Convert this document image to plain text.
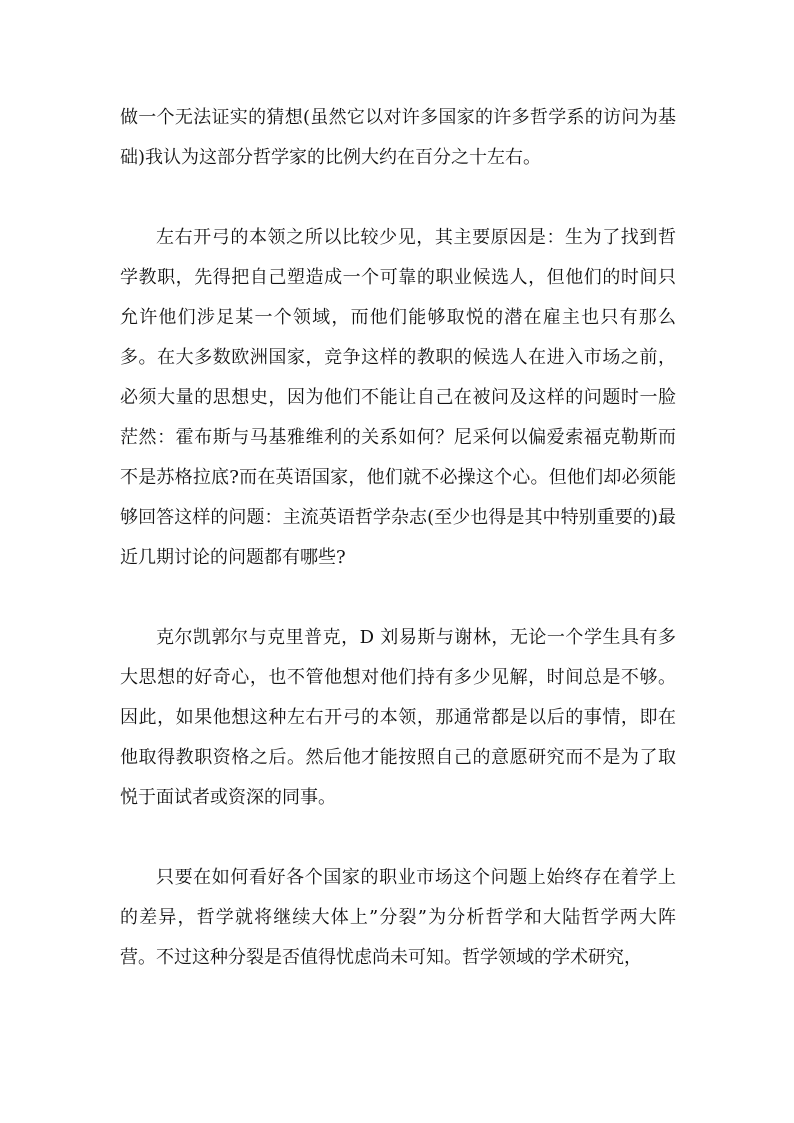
做一个无法证实的猜想(虽然它以对许多国家的许多哲学系的访问为基础)我认为这部分哲学家的比例大约在百分之十左右。

左右开弓的本领之所以比较少见，其主要原因是：生为了找到哲学教职，先得把自己塑造成一个可靠的职业候选人，但他们的时间只允许他们涉足某一个领域，而他们能够取悦的潜在雇主也只有那么多。在大多数欧洲国家，竞争这样的教职的候选人在进入市场之前，必须大量的思想史，因为他们不能让自己在被问及这样的问题时一脸茫然：霍布斯与马基雅维利的关系如何？尼采何以偏爱索福克勒斯而不是苏格拉底?而在英语国家，他们就不必操这个心。但他们却必须能够回答这样的问题：主流英语哲学杂志(至少也得是其中特别重要的)最近几期讨论的问题都有哪些?

克尔凯郭尔与克里普克，D 刘易斯与谢林，无论一个学生具有多大思想的好奇心，也不管他想对他们持有多少见解，时间总是不够。因此，如果他想这种左右开弓的本领，那通常都是以后的事情，即在他取得教职资格之后。然后他才能按照自己的意愿研究而不是为了取悦于面试者或资深的同事。

只要在如何看好各个国家的职业市场这个问题上始终存在着学上的差异，哲学就将继续大体上”分裂”为分析哲学和大陆哲学两大阵营。不过这种分裂是否值得忧虑尚未可知。哲学领域的学术研究，
